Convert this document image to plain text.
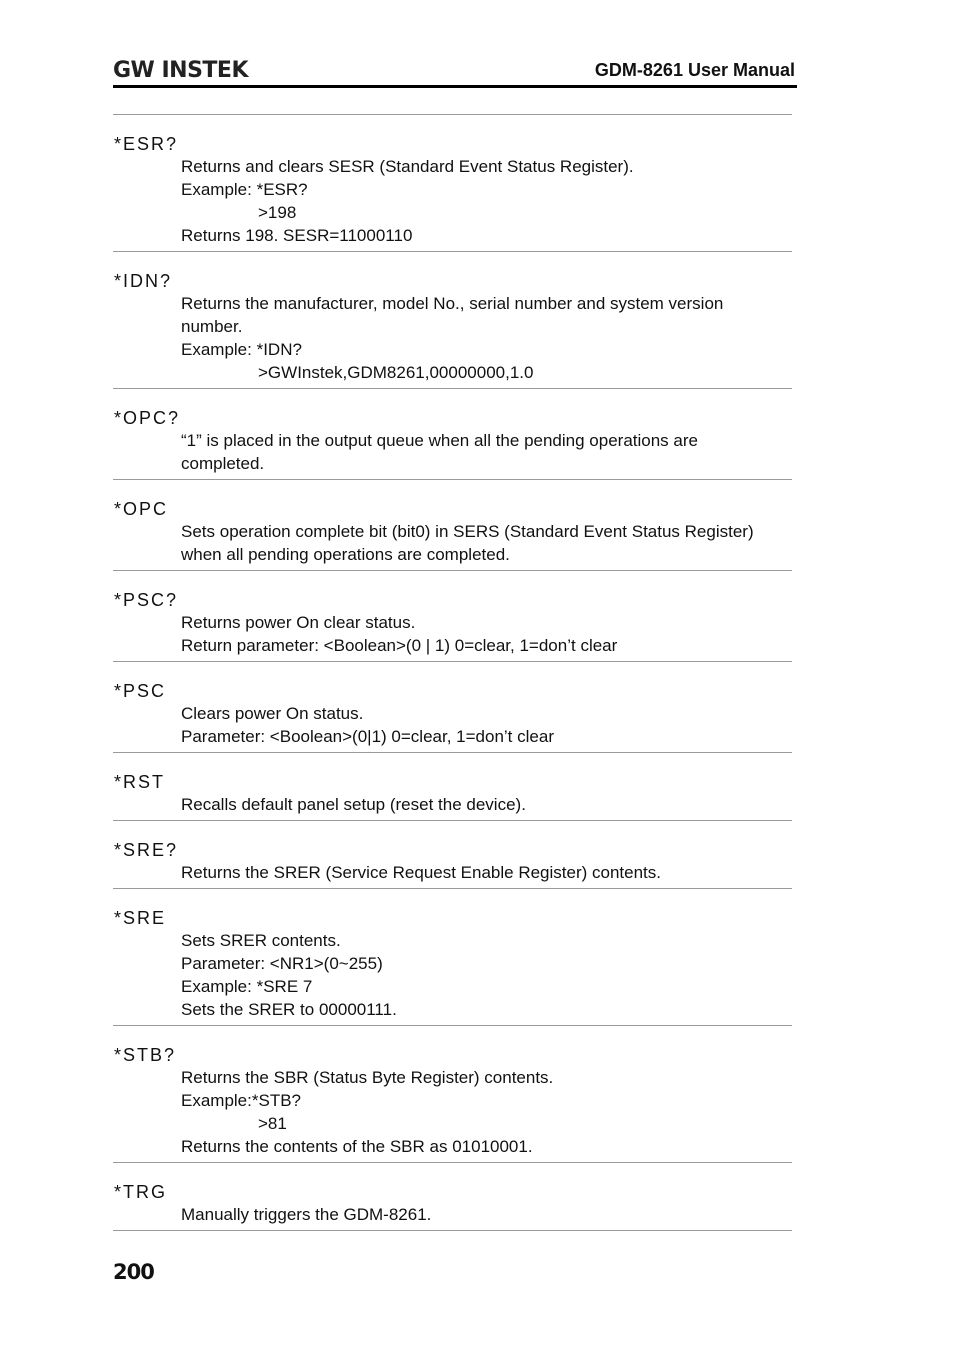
GW INSTEK	GDM-8261 User Manual
*ESR?
Returns and clears SESR (Standard Event Status Register).
Example: *ESR?
>198
Returns 198. SESR=11000110
*IDN?
Returns the manufacturer, model No., serial number and system version
number.
Example: *IDN?
>GWInstek,GDM8261,00000000,1.0
*OPC?
“1” is placed in the output queue when all the pending operations are
completed.
*OPC
Sets operation complete bit (bit0) in SERS (Standard Event Status Register)
when all pending operations are completed.
*PSC?
Returns power On clear status.
Return parameter: <Boolean>(0 | 1) 0=clear, 1=don’t clear
*PSC
Clears power On status.
Parameter: <Boolean>(0|1) 0=clear, 1=don’t clear
*RST
Recalls default panel setup (reset the device).
*SRE?
Returns the SRER (Service Request Enable Register) contents.
*SRE
Sets SRER contents.
Parameter: <NR1>(0~255)
Example: *SRE 7
Sets the SRER to 00000111.
*STB?
Returns the SBR (Status Byte Register) contents.
Example:*STB?
>81
Returns the contents of the SBR as 01010001.
*TRG
Manually triggers the GDM-8261.
200
